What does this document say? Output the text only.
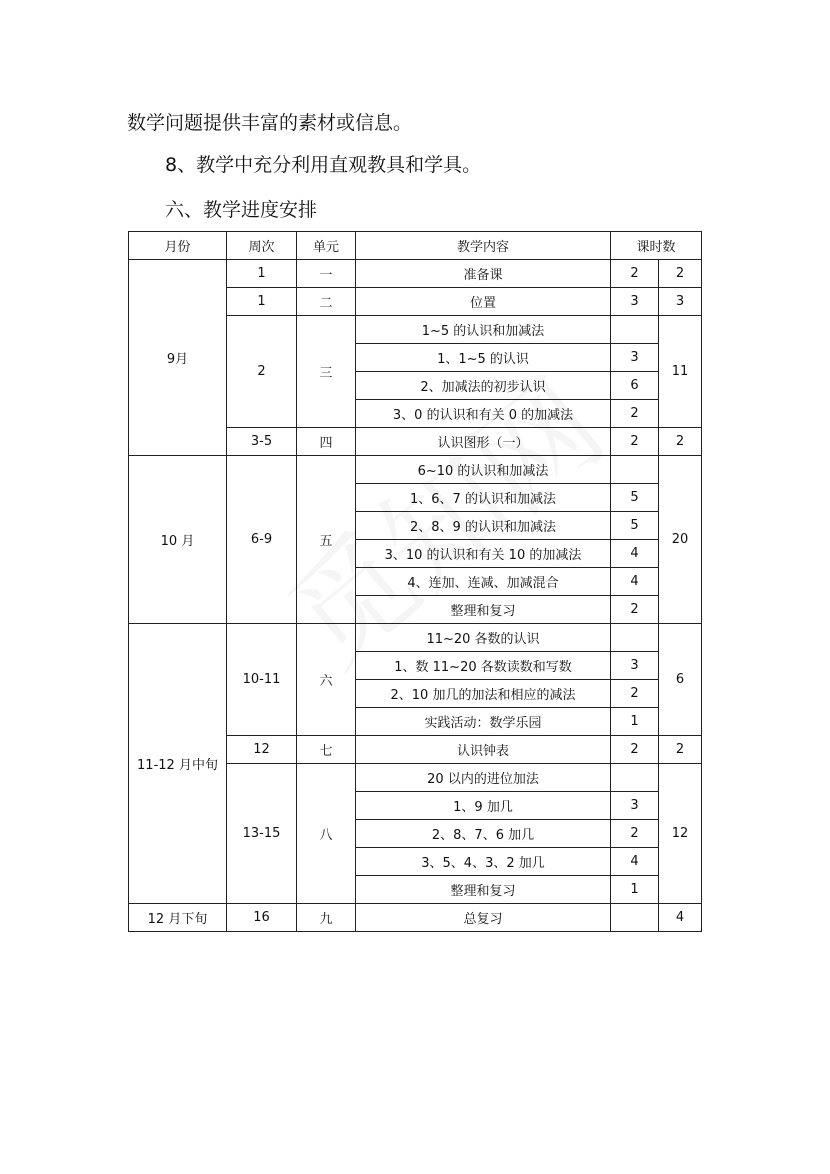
数学问题提供丰富的素材或信息。

8、教学中充分利用直观教具和学具。

六、教学进度安排

月份	周次	单元	教学内容	课时数	
9月	1	一	准备课	2	2
	1	二	位置	3	3
	2	三	1~5 的认识和加减法		11
			1、1~5 的认识	3	
			2、加减法的初步认识	6	
			3、0 的认识和有关 0 的加减法	2	
	3-5	四	认识图形（一）	2	2
10 月	6-9	五	6~10 的认识和加减法		20
			1、6、7 的认识和加减法	5	
			2、8、9 的认识和加减法	5	
			3、10 的认识和有关 10 的加减法	4	
			4、连加、连减、加减混合	4	
			整理和复习	2	
11-12 月中旬	10-11	六	11~20 各数的认识		6
			1、数 11~20 各数读数和写数	3	
			2、10 加几的加法和相应的减法	2	
			实践活动：数学乐园	1	
	12	七	认识钟表	2	2
	13-15	八	20 以内的进位加法		12
			1、9 加几	3	
			2、8、7、6 加几	2	
			3、5、4、3、2 加几	4	
			整理和复习	1	
12 月下旬	16	九	总复习		4
